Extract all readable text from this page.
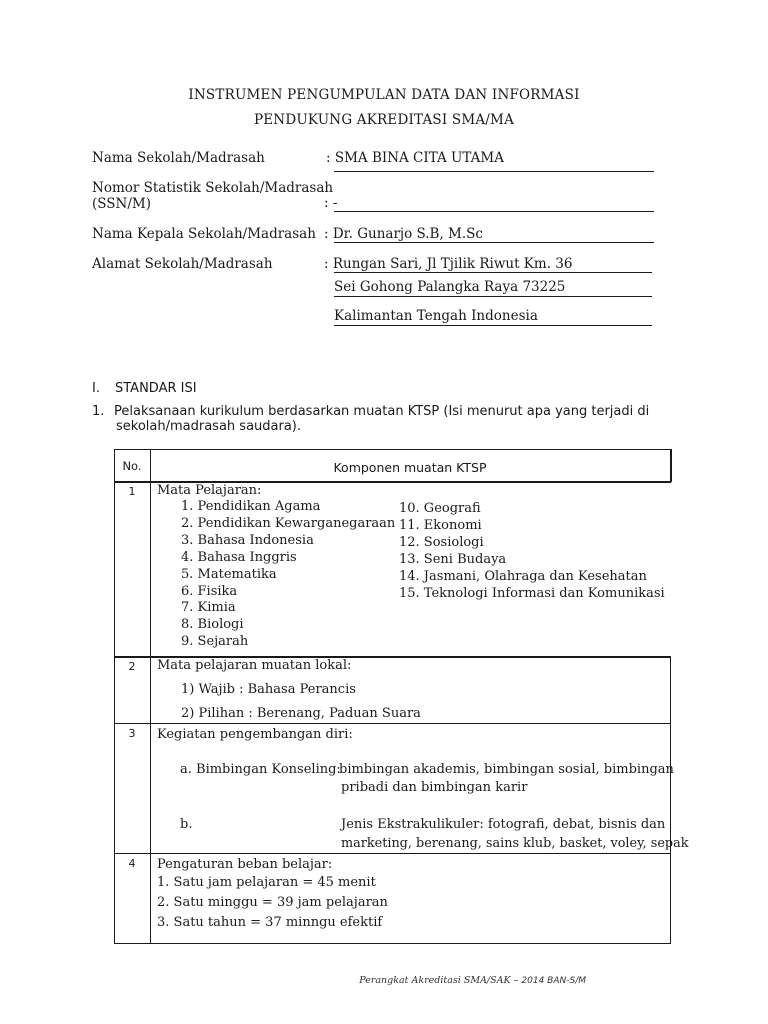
INSTRUMEN PENGUMPULAN DATA DAN INFORMASI
PENDUKUNG AKREDITASI SMA/MA
Nama Sekolah/Madrasah	: SMA BINA CITA UTAMA
Nomor Statistik Sekolah/Madrasah
(SSN/M)	: -
Nama Kepala Sekolah/Madrasah : Dr. Gunarjo S.B, M.Sc
Alamat Sekolah/Madrasah	: Rungan Sari, Jl Tjilik Riwut Km. 36
Sei Gohong Palangka Raya 73225
Kalimantan Tengah Indonesia
I. STANDAR ISI
1. Pelaksanaan kurikulum berdasarkan muatan KTSP (Isi menurut apa yang terjadi di
sekolah/madrasah saudara).
No.	Komponen muatan KTSP
1	Mata Pelajaran:
1. Pendidikan Agama
2. Pendidikan Kewarganegaraan
3. Bahasa Indonesia
4. Bahasa Inggris
5. Matematika
6. Fisika
7. Kimia
8. Biologi
9. Sejarah
10. Geografi
11. Ekonomi
12. Sosiologi
13. Seni Budaya
14. Jasmani, Olahraga dan Kesehatan
15. Teknologi Informasi dan Komunikasi
2	Mata pelajaran muatan lokal:
1) Wajib : Bahasa Perancis
2) Pilihan : Berenang, Paduan Suara
3	Kegiatan pengembangan diri:
a. Bimbingan Konseling:
bimbingan akademis, bimbingan sosial, bimbingan
pribadi dan bimbingan karir
b.	Jenis Ekstrakulikuler: fotografi, debat, bisnis dan
marketing, berenang, sains klub, basket, voley, sepak
4	Pengaturan beban belajar:
1. Satu jam pelajaran = 45 menit
2. Satu minggu = 39 jam pelajaran
3. Satu tahun = 37 minngu efektif
Perangkat Akreditasi SMA/SAK – 2014 BAN-S/M
